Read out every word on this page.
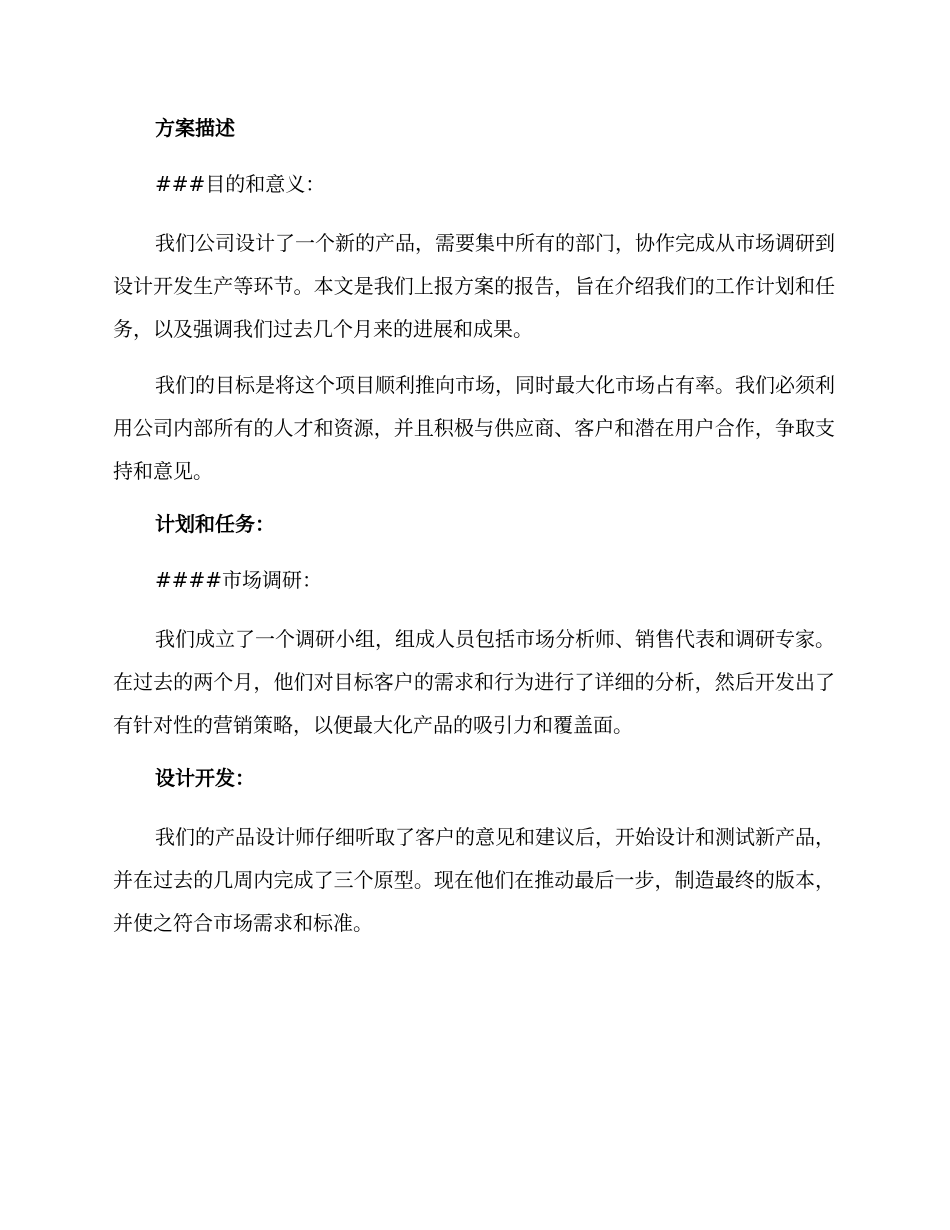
方案描述
###目的和意义：

我们公司设计了一个新的产品，需要集中所有的部门，协作完成从市场调研到设计开发生产等环节。本文是我们上报方案的报告，旨在介绍我们的工作计划和任务，以及强调我们过去几个月来的进展和成果。

我们的目标是将这个项目顺利推向市场，同时最大化市场占有率。我们必须利用公司内部所有的人才和资源，并且积极与供应商、客户和潜在用户合作，争取支持和意见。

计划和任务：
####市场调研：

我们成立了一个调研小组，组成人员包括市场分析师、销售代表和调研专家。在过去的两个月，他们对目标客户的需求和行为进行了详细的分析，然后开发出了有针对性的营销策略，以便最大化产品的吸引力和覆盖面。

设计开发：

我们的产品设计师仔细听取了客户的意见和建议后，开始设计和测试新产品，并在过去的几周内完成了三个原型。现在他们在推动最后一步，制造最终的版本，并使之符合市场需求和标准。
